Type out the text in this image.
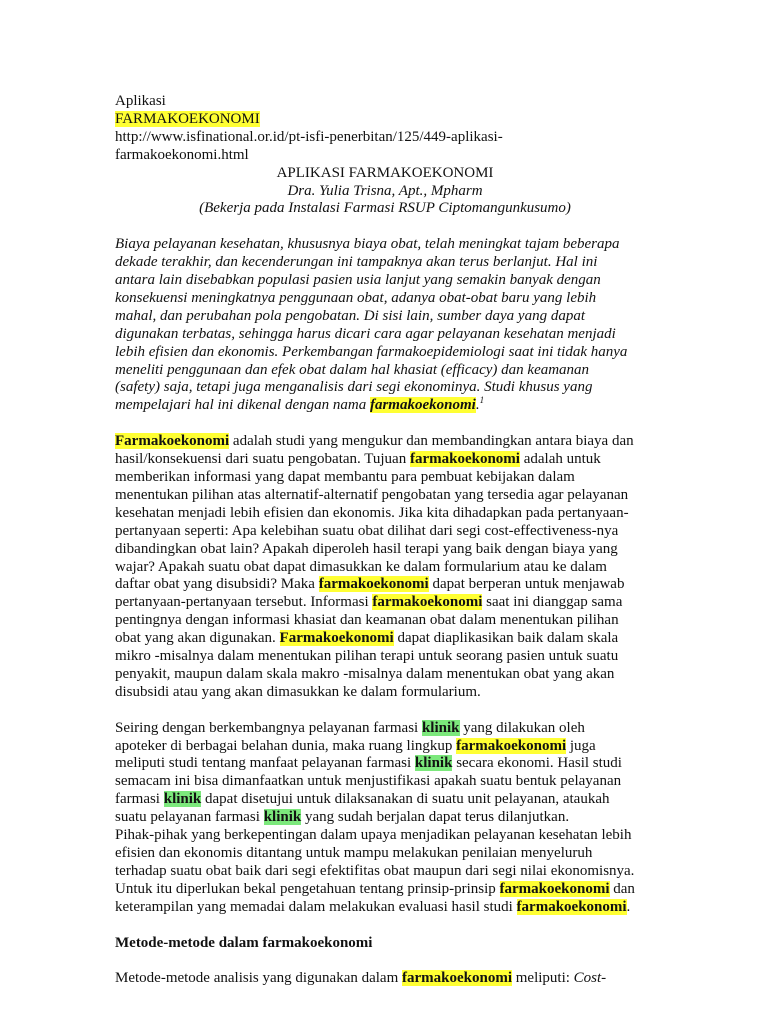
Aplikasi
FARMAKOEKONOMI
http://www.isfinational.or.id/pt-isfi-penerbitan/125/449-aplikasi-
farmakoekonomi.html
APLIKASI FARMAKOEKONOMI
Dra. Yulia Trisna, Apt., Mpharm
(Bekerja pada Instalasi Farmasi RSUP Ciptomangunkusumo)
Biaya pelayanan kesehatan, khususnya biaya obat, telah meningkat tajam beberapa
dekade terakhir, dan kecenderungan ini tampaknya akan terus berlanjut. Hal ini
antara lain disebabkan populasi pasien usia lanjut yang semakin banyak dengan
konsekuensi meningkatnya penggunaan obat, adanya obat-obat baru yang lebih
mahal, dan perubahan pola pengobatan. Di sisi lain, sumber daya yang dapat
digunakan terbatas, sehingga harus dicari cara agar pelayanan kesehatan menjadi
lebih efisien dan ekonomis. Perkembangan farmakoepidemiologi saat ini tidak hanya
meneliti penggunaan dan efek obat dalam hal khasiat (efficacy) dan keamanan
(safety) saja, tetapi juga menganalisis dari segi ekonominya. Studi khusus yang
mempelajari hal ini dikenal dengan nama farmakoekonomi.$^1$
Farmakoekonomi adalah studi yang mengukur dan membandingkan antara biaya dan
hasil/konsekuensi dari suatu pengobatan. Tujuan farmakoekonomi adalah untuk
memberikan informasi yang dapat membantu para pembuat kebijakan dalam
menentukan pilihan atas alternatif-alternatif pengobatan yang tersedia agar pelayanan
kesehatan menjadi lebih efisien dan ekonomis. Jika kita dihadapkan pada pertanyaan-
pertanyaan seperti: Apa kelebihan suatu obat dilihat dari segi cost-effectiveness-nya
dibandingkan obat lain? Apakah diperoleh hasil terapi yang baik dengan biaya yang
wajar? Apakah suatu obat dapat dimasukkan ke dalam formularium atau ke dalam
daftar obat yang disubsidi? Maka farmakoekonomi dapat berperan untuk menjawab
pertanyaan-pertanyaan tersebut. Informasi farmakoekonomi saat ini dianggap sama
pentingnya dengan informasi khasiat dan keamanan obat dalam menentukan pilihan
obat yang akan digunakan. Farmakoekonomi dapat diaplikasikan baik dalam skala
mikro -misalnya dalam menentukan pilihan terapi untuk seorang pasien untuk suatu
penyakit, maupun dalam skala makro -misalnya dalam menentukan obat yang akan
disubsidi atau yang akan dimasukkan ke dalam formularium.
Seiring dengan berkembangnya pelayanan farmasi klinik yang dilakukan oleh
apoteker di berbagai belahan dunia, maka ruang lingkup farmakoekonomi juga
meliputi studi tentang manfaat pelayanan farmasi klinik secara ekonomi. Hasil studi
semacam ini bisa dimanfaatkan untuk menjustifikasi apakah suatu bentuk pelayanan
farmasi klinik dapat disetujui untuk dilaksanakan di suatu unit pelayanan, ataukah
suatu pelayanan farmasi klinik yang sudah berjalan dapat terus dilanjutkan.
Pihak-pihak yang berkepentingan dalam upaya menjadikan pelayanan kesehatan lebih
efisien dan ekonomis ditantang untuk mampu melakukan penilaian menyeluruh
terhadap suatu obat baik dari segi efektifitas obat maupun dari segi nilai ekonomisnya.
Untuk itu diperlukan bekal pengetahuan tentang prinsip-prinsip farmakoekonomi dan
keterampilan yang memadai dalam melakukan evaluasi hasil studi farmakoekonomi.
Metode-metode dalam farmakoekonomi
Metode-metode analisis yang digunakan dalam farmakoekonomi meliputi: Cost-
